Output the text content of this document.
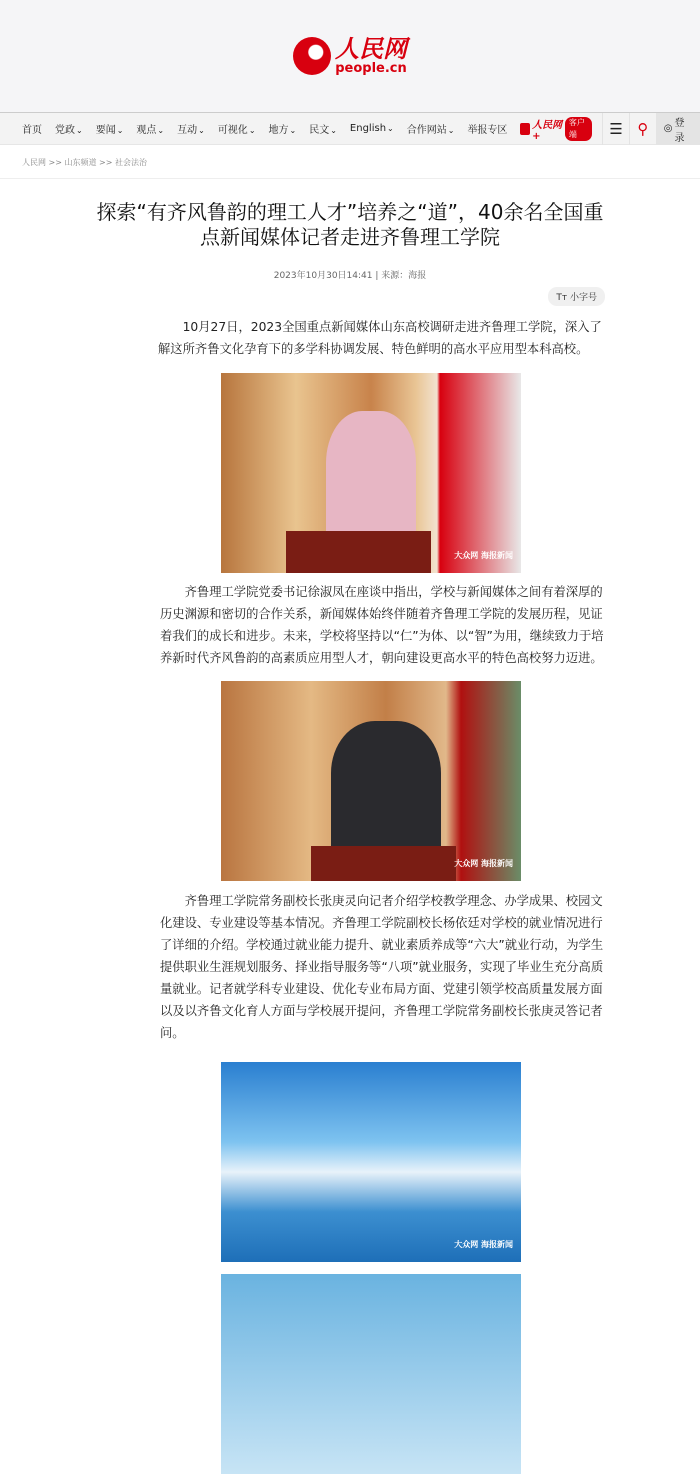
人民网
people.cn
首页 党政⌄ 要闻⌄ 观点⌄ 互动⌄ 可视化⌄ 地方⌄ 民文⌄ English⌄ 合作网站⌄ 举报专区 人民网+
客户端	☰ ⚲	◎ 登录
人民网 >> 山东频道 >> 社会法治
探索“有齐风鲁韵的理工人才”培养之“道”，40余名全国重点新闻媒体记者走进齐鲁理工学院
2023年10月30日14:41 | 来源：海报
Tт 小字号

　　10月27日，2023全国重点新闻媒体山东高校调研走进齐鲁理工学院，深入了解这所齐鲁文化孕育下的多学科协调发展、特色鲜明的高水平应用型本科高校。

大众网 海报新闻

　　齐鲁理工学院党委书记徐淑凤在座谈中指出，学校与新闻媒体之间有着深厚的历史渊源和密切的合作关系，新闻媒体始终伴随着齐鲁理工学院的发展历程，见证着我们的成长和进步。未来，学校将坚持以“仁”为体、以“智”为用，继续致力于培养新时代齐风鲁韵的高素质应用型人才，朝向建设更高水平的特色高校努力迈进。

大众网 海报新闻

　　齐鲁理工学院常务副校长张庚灵向记者介绍学校教学理念、办学成果、校园文化建设、专业建设等基本情况。齐鲁理工学院副校长杨依廷对学校的就业情况进行了详细的介绍。学校通过就业能力提升、就业素质养成等“六大”就业行动，为学生提供职业生涯规划服务、择业指导服务等“八项”就业服务，实现了毕业生充分高质量就业。记者就学科专业建设、优化专业布局方面、党建引领学校高质量发展方面以及以齐鲁文化育人方面与学校展开提问，齐鲁理工学院常务副校长张庚灵答记者问。

大众网 海报新闻
